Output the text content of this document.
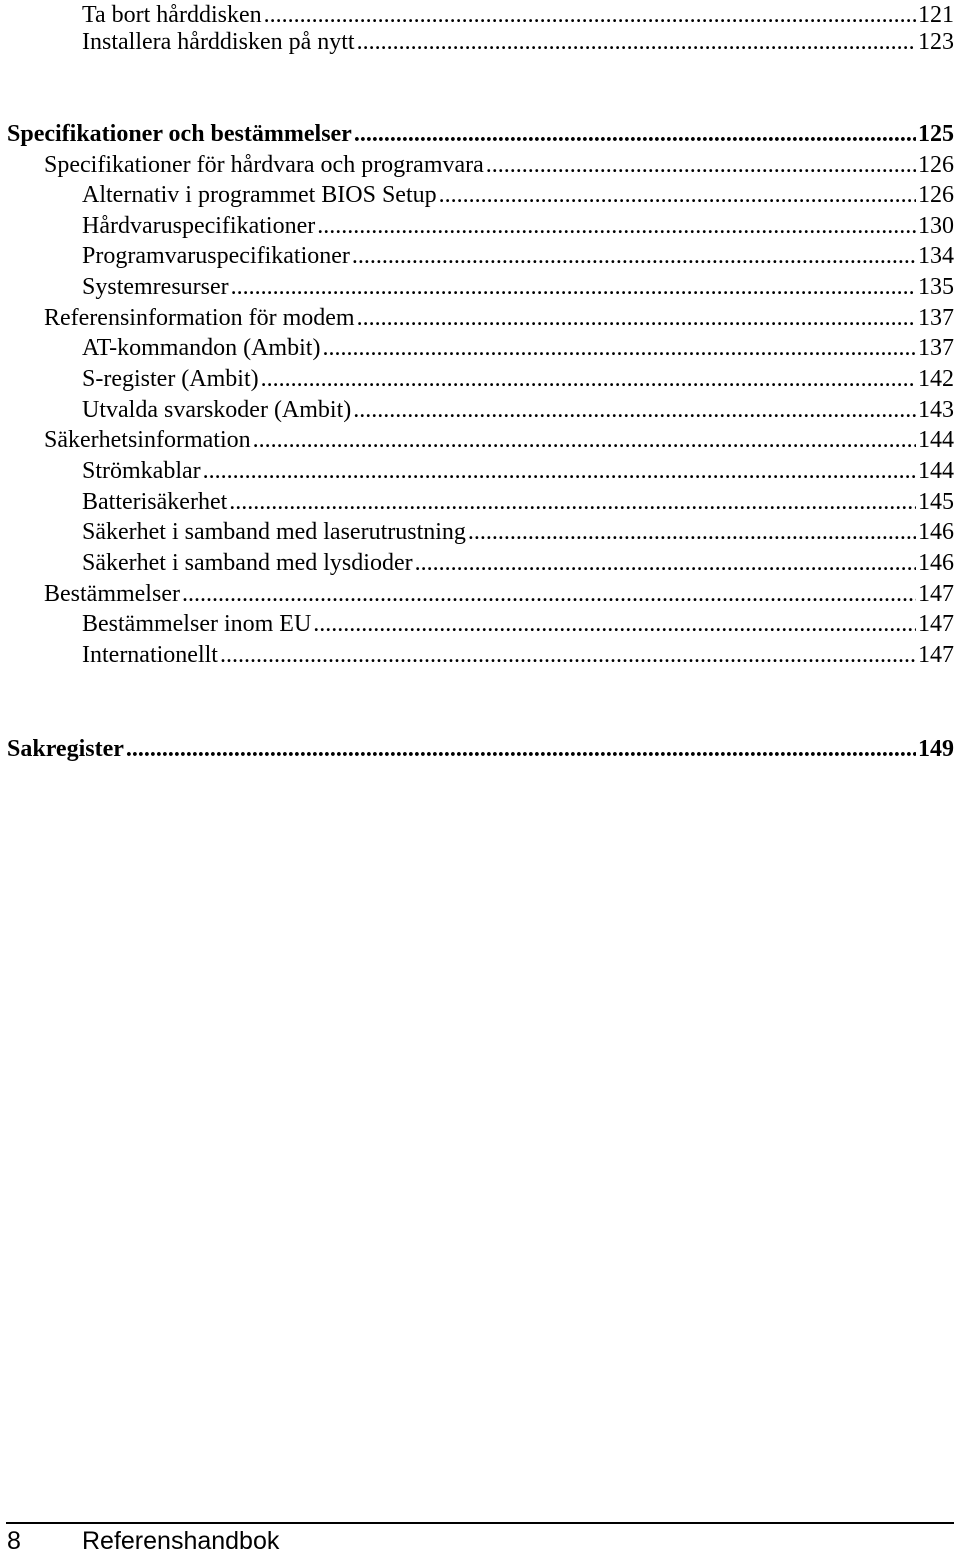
Ta bort hårddisken .....	121
Installera hårddisken på nytt .....	123
Specifikationer och bestämmelser .....	125
Specifikationer för hårdvara och programvara .....	126
Alternativ i programmet BIOS Setup .....	126
Hårdvaruspecifikationer .....	130
Programvaruspecifikationer .....	134
Systemresurser .....	135
Referensinformation för modem .....	137
AT-kommandon (Ambit) .....	137
S-register (Ambit) .....	142
Utvalda svarskoder (Ambit) .....	143
Säkerhetsinformation .....	144
Strömkablar .....	144
Batterisäkerhet .....	145
Säkerhet i samband med laserutrustning .....	146
Säkerhet i samband med lysdioder .....	146
Bestämmelser .....	147
Bestämmelser inom EU .....	147
Internationellt .....	147
Sakregister .....	149
8 Referenshandbok
